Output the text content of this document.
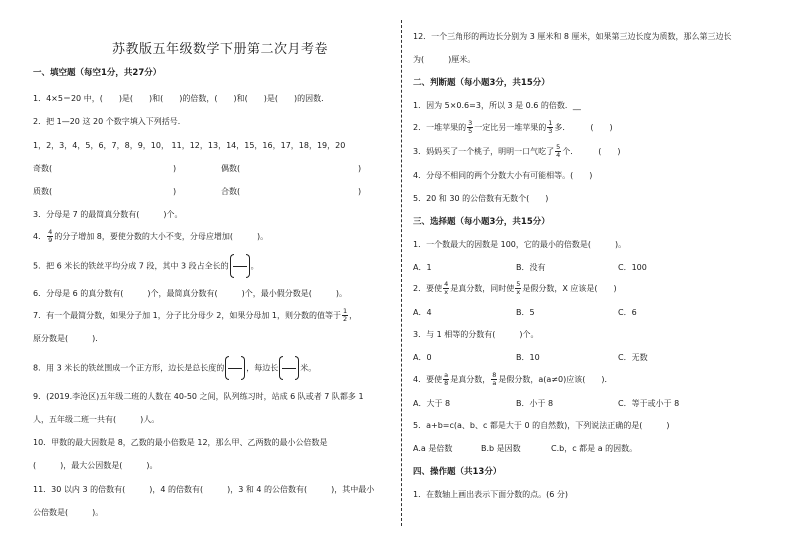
苏教版五年级数学下册第二次月考卷
一、填空题（每空1分，共27分）
1．4×5＝20 中，(　　)是(　　)和(　　)的倍数，(　　)和(　　)是(　　)的因数．
2．把 1—20 这 20 个数字填入下列括号．
1，2，3，4，5，6，7，8，9，10， 11，12，13，14，15，16，17，18，19，20
奇数(	)	偶数(	)
质数(	)	合数(	)
3．分母是 7 的最简真分数有(　　　)个。
4． $\frac{4}{9}$ 的分子增加 8，要使分数的大小不变，分母应增加(　　　)。
5．把 6 米长的铁丝平均分成 7 段，其中 3 段占全长的	。
6．分母是 6 的真分数有(　　　)个，最简真分数有(　　　)个，最小假分数是(　　　)。
7．有一个最简分数，如果分子加 1，分子比分母少 2，如果分母加 1，则分数的值等于 $\frac{1}{2}$ ，
原分数是(　　　)．
8．用 3 米长的铁丝围成一个正方形，边长是总长度的	，每边长	米。
9．(2019.李沧区)五年级二班的人数在 40-50 之间，队列练习时，站成 6 队或者 7 队都多 1
人，五年级二班一共有(　　　)人。
10．甲数的最大因数是 8，乙数的最小倍数是 12，那么甲、乙两数的最小公倍数是
(　　　)，最大公因数是(　　　)。
11．30 以内 3 的倍数有(　　　)，4 的倍数有(　　　)，3 和 4 的公倍数有(　　　)，其中最小
公倍数是(　　　)。
12．一个三角形的两边长分别为 3 厘米和 8 厘米，如果第三边长度为质数，那么第三边长
为(　　　)厘米。
二、判断题（每小题3分，共15分）
1．因为 5×0.6=3，所以 3 是 0.6 的倍数．__
2．一堆苹果的 $\frac{3}{5}$ 一定比另一堆苹果的 $\frac{1}{3}$ 多．　　　(　　)
3．妈妈买了一个桃子，明明一口气吃了 $\frac{5}{4}$ 个．　　　(　　)
4．分母不相同的两个分数大小有可能相等。(　　)
5．20 和 30 的公倍数有无数个(　　)
三、选择题（每小题3分，共15分）
1．一个数最大的因数是 100，它的最小的倍数是(　　　)。
A．1	B．没有	C．100
2．要使 $\frac{4}{x}$ 是真分数，同时使 $\frac{5}{x}$ 是假分数，X 应该是(　　)
A．4	B．5	C．6
3．与 1 相等的分数有(　　　)个。
A．0	B．10	C．无数
4．要使 $\frac{a}{8}$ 是真分数， $\frac{8}{a}$ 是假分数，a(a≠0)应该(　　)．
A．大于 8	B．小于 8	C．等于或小于 8
5．a+b=c(a、b、c 都是大于 0 的自然数)，下列说法正确的是(　　　)
A.a 是倍数	B.b 是因数	C.b，c 都是 a 的因数。
四、操作题（共13分）
1．在数轴上画出表示下面分数的点。(6 分)
